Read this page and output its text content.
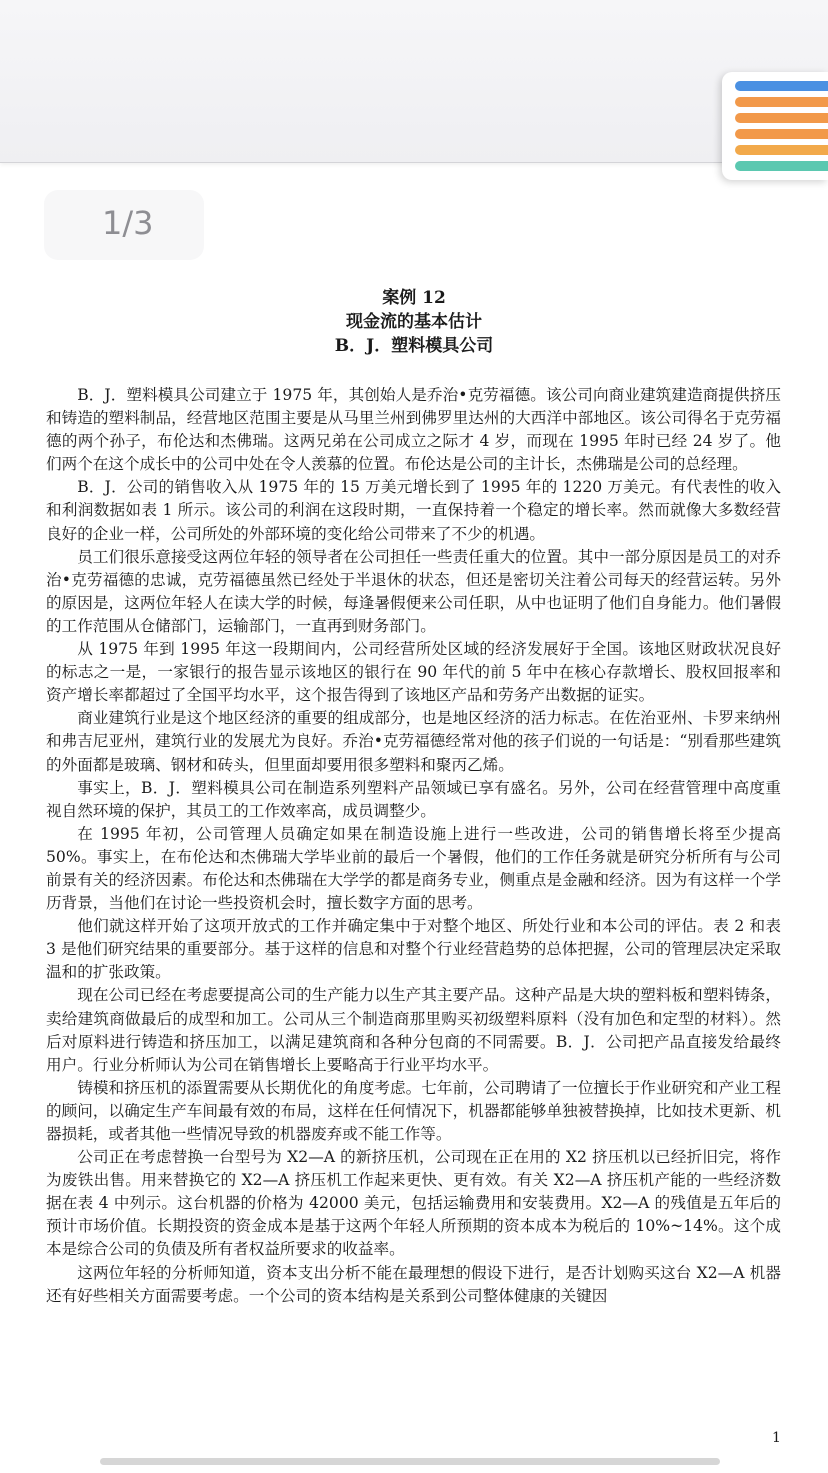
1/3
案例 12
现金流的基本估计
B．J．塑料模具公司

B．J．塑料模具公司建立于 1975 年，其创始人是乔治•克劳福德。该公司向商业建筑建造商提供挤压和铸造的塑料制品，经营地区范围主要是从马里兰州到佛罗里达州的大西洋中部地区。该公司得名于克劳福德的两个孙子，布伦达和杰佛瑞。这两兄弟在公司成立之际才 4 岁，而现在 1995 年时已经 24 岁了。他们两个在这个成长中的公司中处在令人羡慕的位置。布伦达是公司的主计长，杰佛瑞是公司的总经理。

B．J．公司的销售收入从 1975 年的 15 万美元增长到了 1995 年的 1220 万美元。有代表性的收入和利润数据如表 1 所示。该公司的利润在这段时期，一直保持着一个稳定的增长率。然而就像大多数经营良好的企业一样，公司所处的外部环境的变化给公司带来了不少的机遇。

员工们很乐意接受这两位年轻的领导者在公司担任一些责任重大的位置。其中一部分原因是员工的对乔治•克劳福德的忠诚，克劳福德虽然已经处于半退休的状态，但还是密切关注着公司每天的经营运转。另外的原因是，这两位年轻人在读大学的时候，每逢暑假便来公司任职，从中也证明了他们自身能力。他们暑假的工作范围从仓储部门，运输部门，一直再到财务部门。

从 1975 年到 1995 年这一段期间内，公司经营所处区域的经济发展好于全国。该地区财政状况良好的标志之一是，一家银行的报告显示该地区的银行在 90 年代的前 5 年中在核心存款增长、股权回报率和资产增长率都超过了全国平均水平，这个报告得到了该地区产品和劳务产出数据的证实。

商业建筑行业是这个地区经济的重要的组成部分，也是地区经济的活力标志。在佐治亚州、卡罗来纳州和弗吉尼亚州，建筑行业的发展尤为良好。乔治•克劳福德经常对他的孩子们说的一句话是：“别看那些建筑的外面都是玻璃、钢材和砖头，但里面却要用很多塑料和聚丙乙烯。

事实上，B．J．塑料模具公司在制造系列塑料产品领域已享有盛名。另外，公司在经营管理中高度重视自然环境的保护，其员工的工作效率高，成员调整少。

在 1995 年初，公司管理人员确定如果在制造设施上进行一些改进，公司的销售增长将至少提高 50%。事实上，在布伦达和杰佛瑞大学毕业前的最后一个暑假，他们的工作任务就是研究分析所有与公司前景有关的经济因素。布伦达和杰佛瑞在大学学的都是商务专业，侧重点是金融和经济。因为有这样一个学历背景，当他们在讨论一些投资机会时，擅长数字方面的思考。

他们就这样开始了这项开放式的工作并确定集中于对整个地区、所处行业和本公司的评估。表 2 和表 3 是他们研究结果的重要部分。基于这样的信息和对整个行业经营趋势的总体把握，公司的管理层决定采取温和的扩张政策。

现在公司已经在考虑要提高公司的生产能力以生产其主要产品。这种产品是大块的塑料板和塑料铸条，卖给建筑商做最后的成型和加工。公司从三个制造商那里购买初级塑料原料（没有加色和定型的材料）。然后对原料进行铸造和挤压加工，以满足建筑商和各种分包商的不同需要。B．J．公司把产品直接发给最终用户。行业分析师认为公司在销售增长上要略高于行业平均水平。

铸模和挤压机的添置需要从长期优化的角度考虑。七年前，公司聘请了一位擅长于作业研究和产业工程的顾问，以确定生产车间最有效的布局，这样在任何情况下，机器都能够单独被替换掉，比如技术更新、机器损耗，或者其他一些情况导致的机器废弃或不能工作等。

公司正在考虑替换一台型号为 X2—A 的新挤压机，公司现在正在用的 X2 挤压机以已经折旧完，将作为废铁出售。用来替换它的 X2—A 挤压机工作起来更快、更有效。有关 X2—A 挤压机产能的一些经济数据在表 4 中列示。这台机器的价格为 42000 美元，包括运输费用和安装费用。X2—A 的残值是五年后的预计市场价值。长期投资的资金成本是基于这两个年轻人所预期的资本成本为税后的 10%~14%。这个成本是综合公司的负债及所有者权益所要求的收益率。

这两位年轻的分析师知道，资本支出分析不能在最理想的假设下进行，是否计划购买这台 X2—A 机器还有好些相关方面需要考虑。一个公司的资本结构是关系到公司整体健康的关键因

1
